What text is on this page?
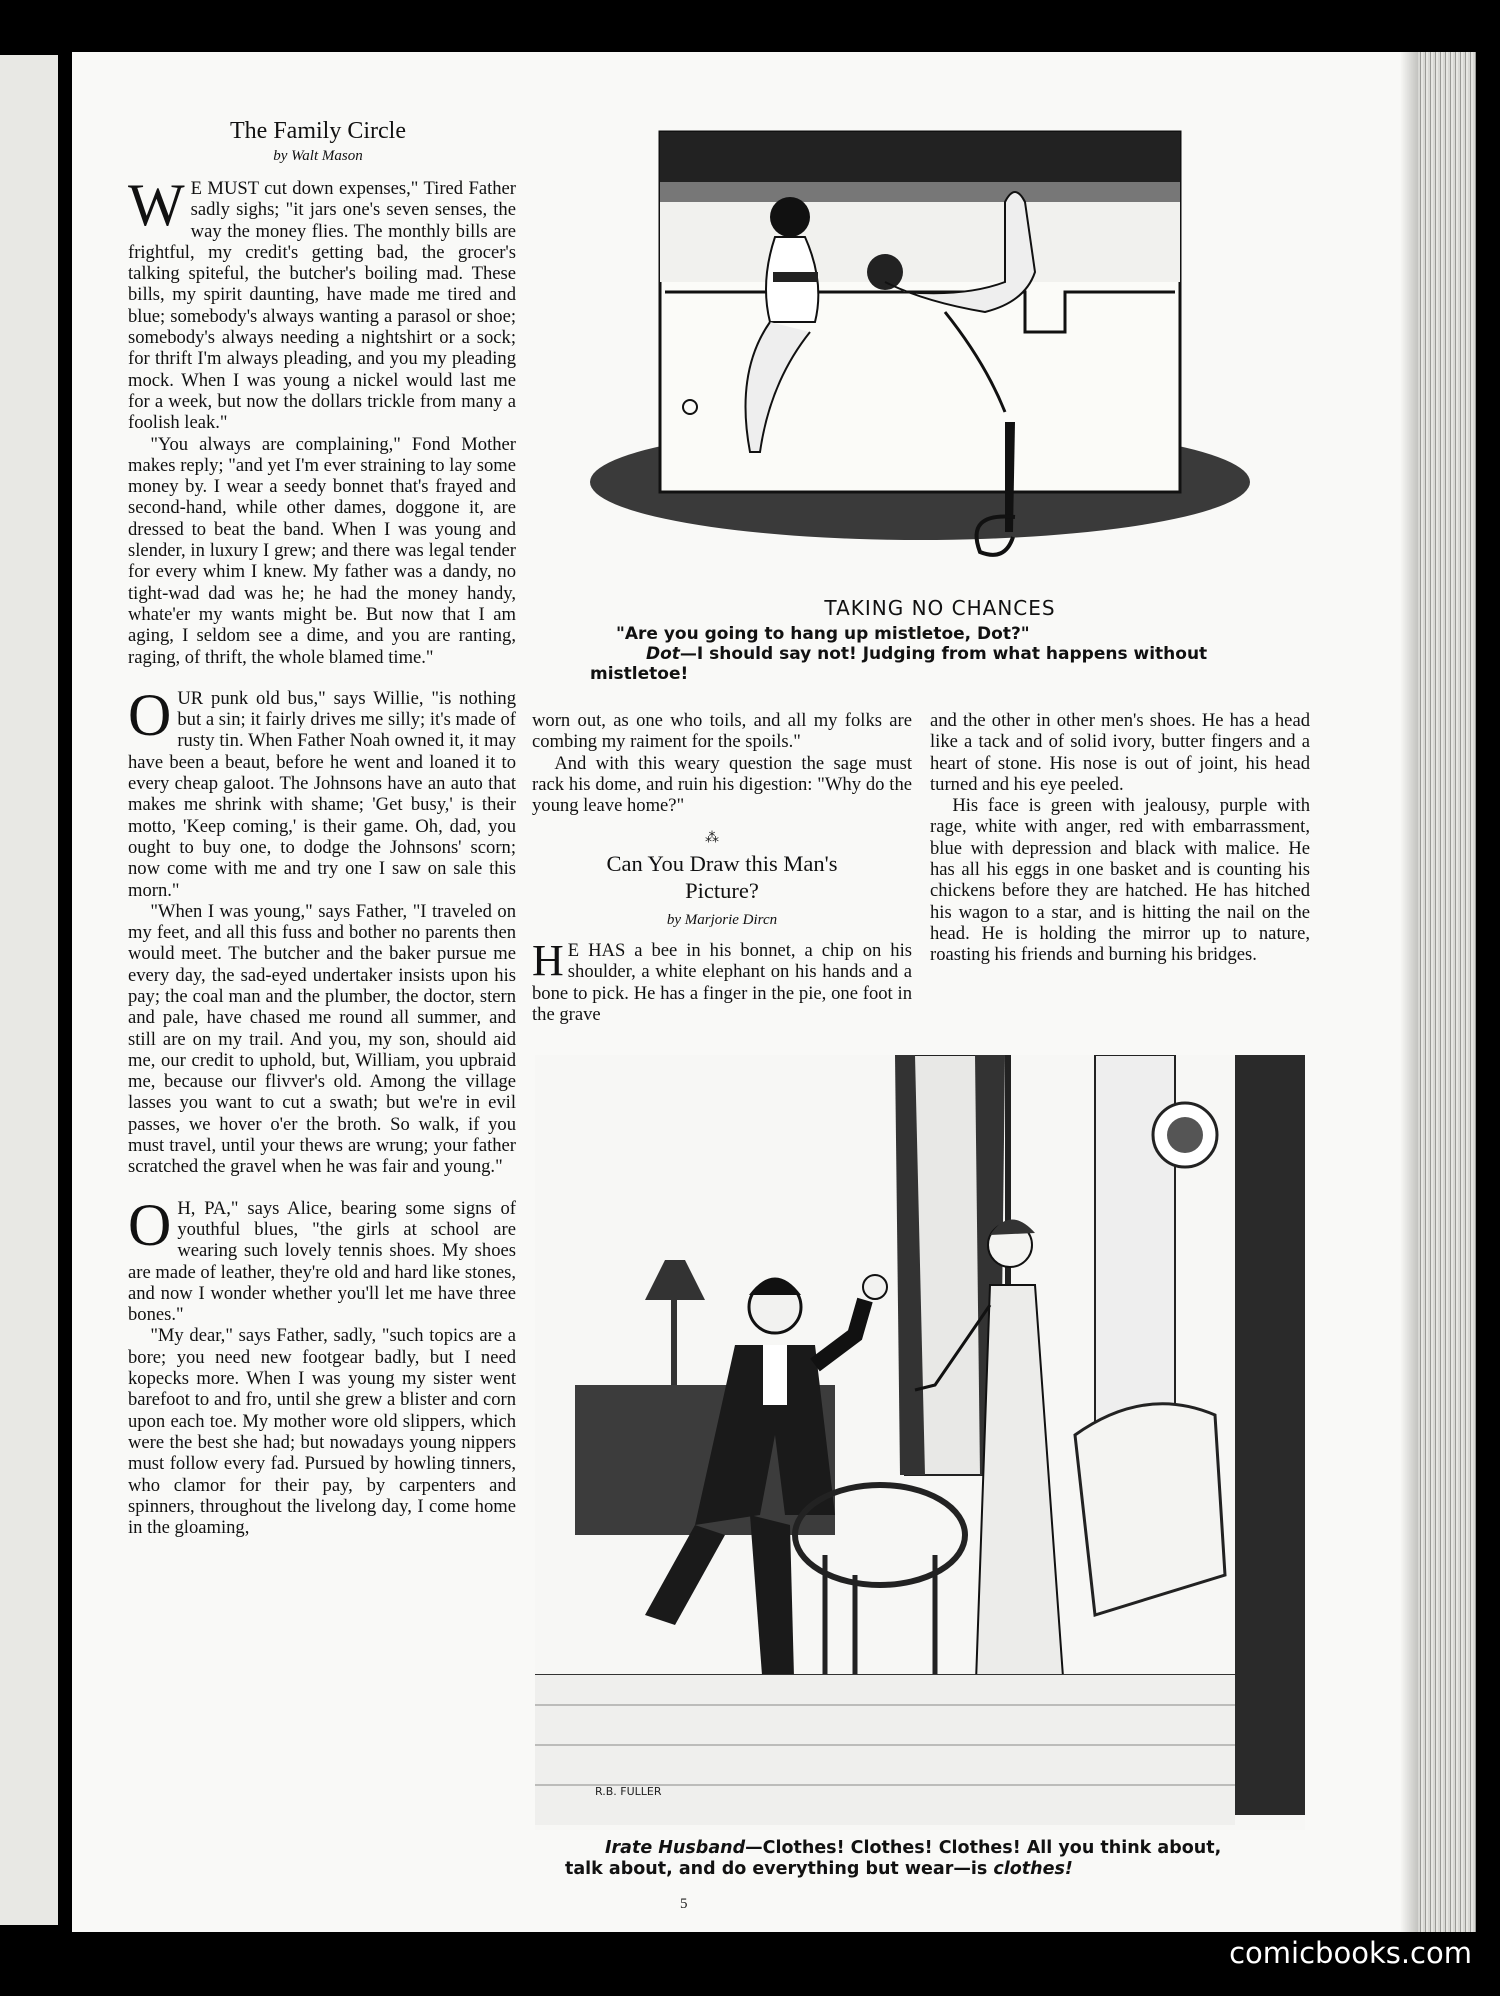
The Family Circle
by Walt Mason

W E MUST cut down expenses," Tired Father sadly sighs; "it jars one's seven senses, the way the money flies. The monthly bills are frightful, my credit's getting bad, the grocer's talking spiteful, the butcher's boiling mad. These bills, my spirit daunting, have made me tired and blue; somebody's always wanting a parasol or shoe; somebody's always needing a nightshirt or a sock; for thrift I'm always pleading, and you my pleading mock. When I was young a nickel would last me for a week, but now the dollars trickle from many a foolish leak."

"You always are complaining," Fond Mother makes reply; "and yet I'm ever straining to lay some money by. I wear a seedy bonnet that's frayed and second-hand, while other dames, doggone it, are dressed to beat the band. When I was young and slender, in luxury I grew; and there was legal tender for every whim I knew. My father was a dandy, no tight-wad dad was he; he had the money handy, whate'er my wants might be. But now that I am aging, I seldom see a dime, and you are ranting, raging, of thrift, the whole blamed time."

OUR punk old bus," says Willie, "is nothing but a sin; it fairly drives me silly; it's made of rusty tin. When Father Noah owned it, it may have been a beaut, before he went and loaned it to every cheap galoot. The Johnsons have an auto that makes me shrink with shame; 'Get busy,' is their motto, 'Keep coming,' is their game. Oh, dad, you ought to buy one, to dodge the Johnsons' scorn; now come with me and try one I saw on sale this morn."

"When I was young," says Father, "I traveled on my feet, and all this fuss and bother no parents then would meet. The butcher and the baker pursue me every day, the sad-eyed undertaker insists upon his pay; the coal man and the plumber, the doctor, stern and pale, have chased me round all summer, and still are on my trail. And you, my son, should aid me, our credit to uphold, but, William, you upbraid me, because our flivver's old. Among the village lasses you want to cut a swath; but we're in evil passes, we hover o'er the broth. So walk, if you must travel, until your thews are wrung; your father scratched the gravel when he was fair and young."

O H, PA," says Alice, bearing some signs of youthful blues, "the girls at school are wearing such lovely tennis shoes. My shoes are made of leather, they're old and hard like stones, and now I wonder whether you'll let me have three bones."

"My dear," says Father, sadly, "such topics are a bore; you need new footgear badly, but I need kopecks more. When I was young my sister went barefoot to and fro, until she grew a blister and corn upon each toe. My mother wore old slippers, which were the best she had; but nowadays young nippers must follow every fad. Pursued by howling tinners, who clamor for their pay, by carpenters and spinners, throughout the livelong day, I come home in the gloaming,

TAKING NO CHANCES
"Are you going to hang up mistletoe, Dot?"
Dot—I should say not! Judging from what happens without mistletoe!

worn out, as one who toils, and all my folks are combing my raiment for the spoils."

And with this weary question the sage must rack his dome, and ruin his digestion: "Why do the young leave home?"

⁂
Can You Draw this Man's
Picture?
by Marjorie Dircn

H E HAS a bee in his bonnet, a chip on his shoulder, a white elephant on his hands and a bone to pick. He has a finger in the pie, one foot in the grave

and the other in other men's shoes. He has a head like a tack and of solid ivory, butter fingers and a heart of stone. His nose is out of joint, his head turned and his eye peeled.

His face is green with jealousy, purple with rage, white with anger, red with embarrassment, blue with depression and black with malice. He has all his eggs in one basket and is counting his chickens before they are hatched. He has hitched his wagon to a star, and is hitting the nail on the head. He is holding the mirror up to nature, roasting his friends and burning his bridges.

R.B. FULLER
Irate Husband—Clothes! Clothes! Clothes! All you think about, talk about, and do everything but wear—is clothes!
5
comicbooks.com
